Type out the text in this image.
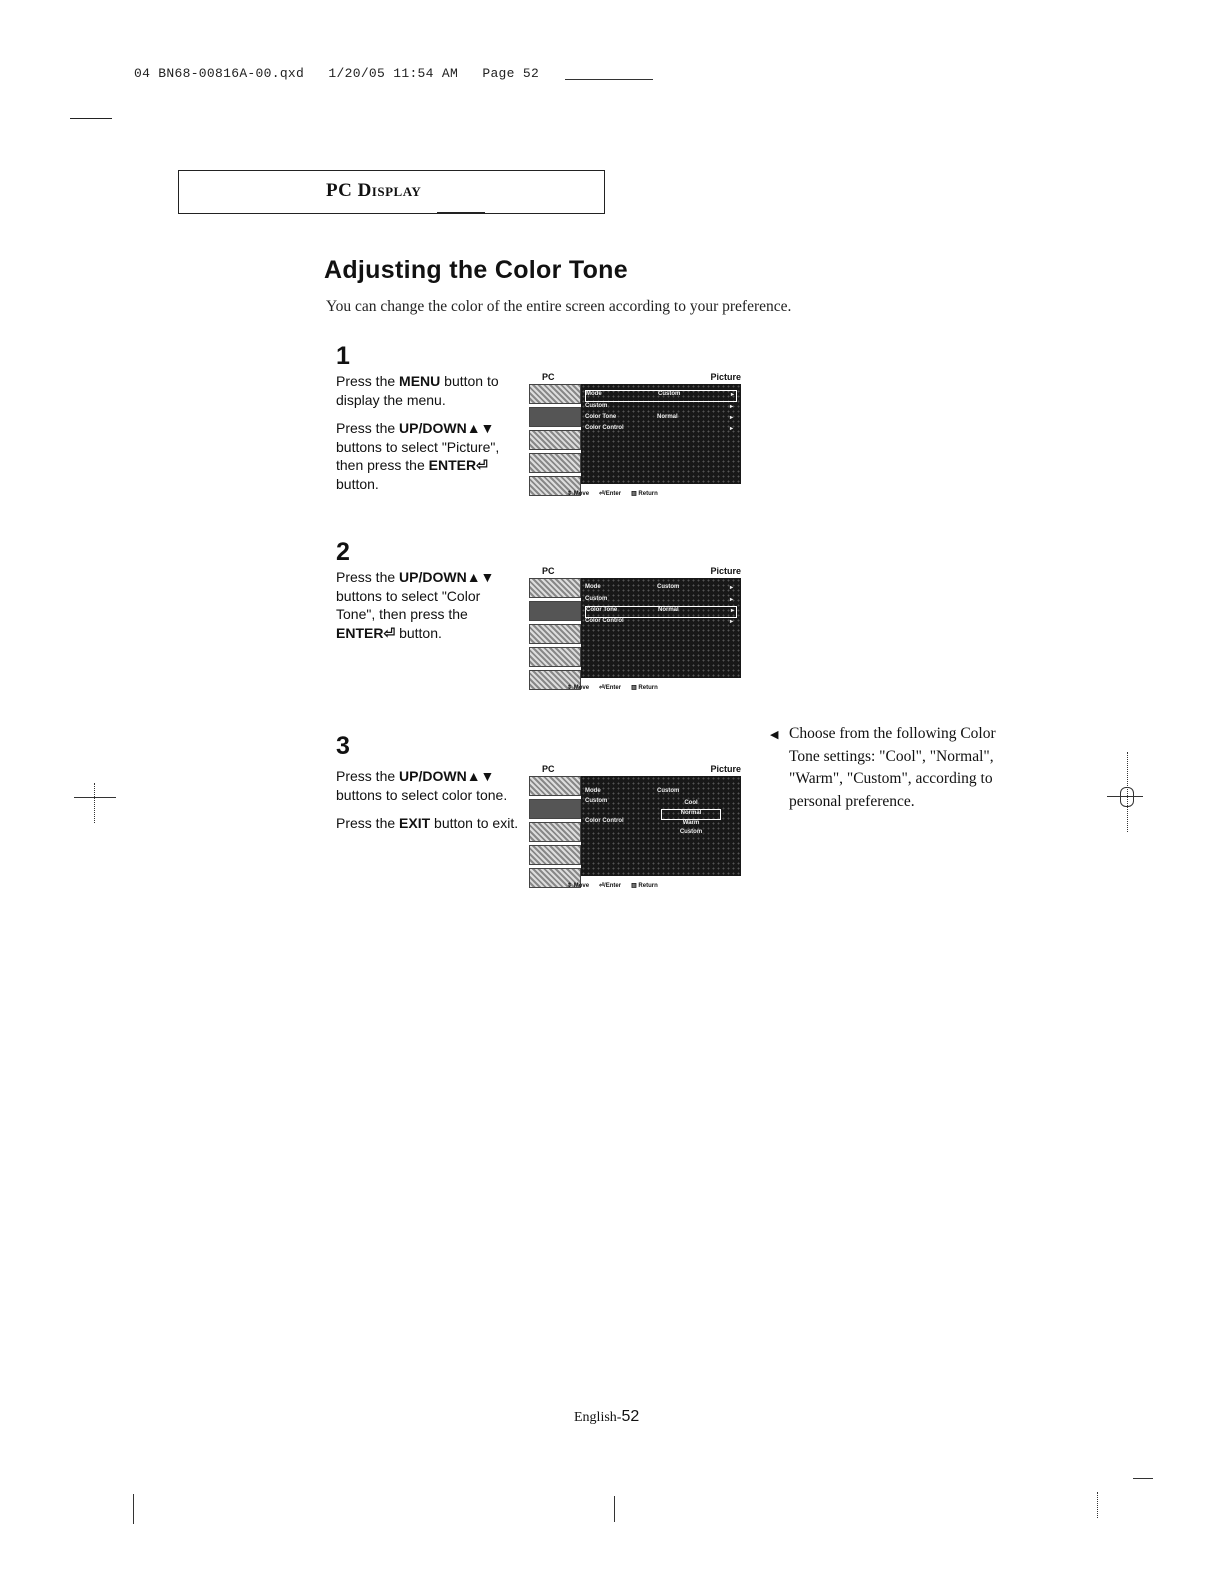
04 BN68-00816A-00.qxd   1/20/05 11:54 AM   Page 52
PC Display
Adjusting the Color Tone
You can change the color of the entire screen according to your preference.
1

Press the MENU button to display the menu.

Press the UP/DOWN▲▼ buttons to select "Picture", then press the ENTER⏎ button.

PC	Picture
Mode	Custom	▸
Custom	▸
Color Tone	Normal	▸
Color Control	▸
⇕ Move      ⏎/Enter      ▥ Return
2

Press the UP/DOWN▲▼ buttons to select "Color Tone", then press the ENTER⏎ button.

PC	Picture
Mode	Custom	▸
Custom	▸
Color Tone	Normal	▸
Color Control	▸
⇕ Move      ⏎/Enter      ▥ Return
3

Press the UP/DOWN▲▼ buttons to select color tone.

Press the EXIT button to exit.

PC	Picture
Mode	Custom
Custom
Color Control
Cool
Normal
Warm
Custom
⇕ Move      ⏎/Enter      ▥ Return
◀ Choose from the following Color Tone settings: "Cool", "Normal", "Warm", "Custom", according to personal preference.
English-52
